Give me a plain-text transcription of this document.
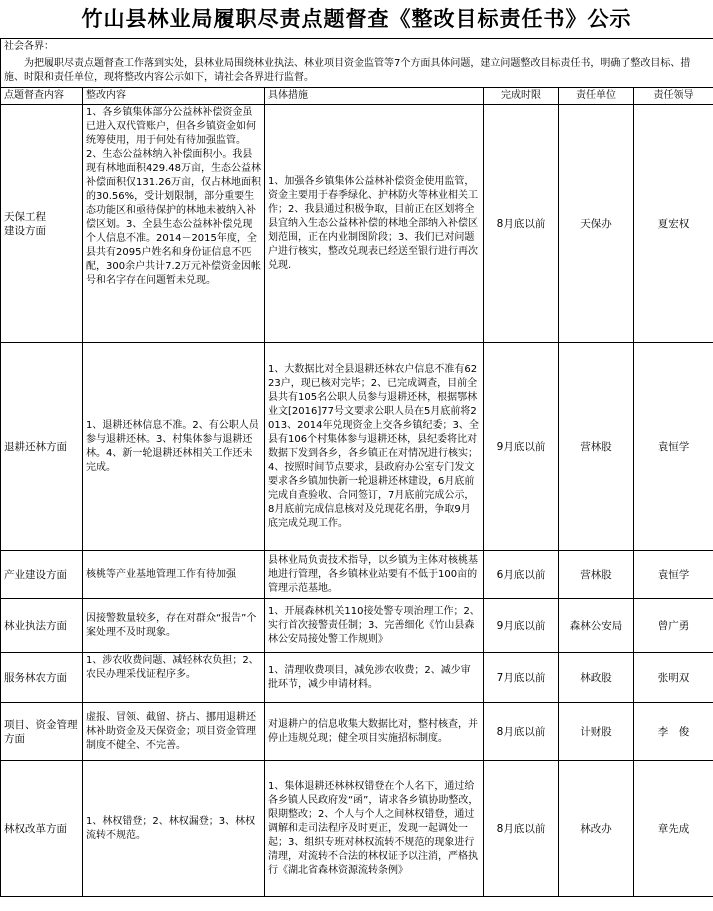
竹山县林业局履职尽责点题督查《整改目标责任书》公示
社会各界：					
为把履职尽责点题督查工作落到实处，县林业局围绕林业执法、林业项目资金监管等7个方面具体问题，建立问题整改目标责任书，明确了整改目标、措施、时限和责任单位，现将整改内容公示如下，请社会各界进行监督。					
点题督查内容	整改内容	具体措施	完成时限	责任单位	责任领导
天保工程
建设方面	1、各乡镇集体部分公益林补偿资金虽已进入双代管账户，但各乡镇资金如何统筹使用，用于何处有待加强监管。2、生态公益林纳入补偿面积小。我县现有林地面积429.48万亩，生态公益林补偿面积仅131.26万亩，仅占林地面积的30.56%，受计划限制，部分重要生态功能区和亟待保护的林地未被纳入补偿区划。3、全县生态公益林补偿兑现个人信息不准。2014－2015年度，全县共有2095户姓名和身份证信息不匹配，300余户共计7.2万元补偿资金因帐号和名字存在问题暂未兑现。	1、加强各乡镇集体公益林补偿资金使用监管，资金主要用于春季绿化、护林防火等林业相关工作；2、我县通过积极争取，目前正在区划将全县宜纳入生态公益林补偿的林地全部纳入补偿区划范围，正在内业制图阶段；3、我们已对问题户进行核实，整改兑现表已经送至银行进行再次兑现.	8月底以前	天保办	夏宏权
退耕还林方面	1、退耕还林信息不准。2、有公职人员参与退耕还林。3、村集体参与退耕还林。4、新一轮退耕还林相关工作还未完成。	1、大数据比对全县退耕还林农户信息不准有6223户，现已核对完毕；2、已完成调查，目前全县共有105名公职人员参与退耕还林，根据鄂林业文[2016]77号文要求公职人员在5月底前将2013、2014年兑现资金上交各乡镇纪委；3、全县有106个村集体参与退耕还林，县纪委将比对数据下发到各乡，各乡镇正在对情况进行核实；4、按照时间节点要求，县政府办公室专门发文要求各乡镇加快新一轮退耕还林建设，6月底前完成自查验收、合同签订，7月底前完成公示，8月底前完成信息核对及兑现花名册，争取9月底完成兑现工作。	9月底以前	营林股	袁恒学
产业建设方面	核桃等产业基地管理工作有待加强	县林业局负责技术指导，以乡镇为主体对核桃基地进行管理，各乡镇林业站要有不低于100亩的管理示范基地。	6月底以前	营林股	袁恒学
林业执法方面	因接警数量较多，存在对群众“报告”个案处理不及时现象。	1、开展森林机关110接处警专项治理工作；2、实行首次接警责任制；3、完善细化《竹山县森林公安局接处警工作规则》	9月底以前	森林公安局	曾广勇
服务林农方面	1、涉农收费问题、减轻林农负担；2、农民办理采伐证程序多。	1、清理收费项目，减免涉农收费；2、减少审批环节，减少申请材料。	7月底以前	林政股	张明双
项目、资金管理方面	虚报、冒领、截留、挤占、挪用退耕还林补助资金及天保资金；项目资金管理制度不健全、不完善。	对退耕户的信息收集大数据比对，整村核查，并停止违规兑现；健全项目实施招标制度。	8月底以前	计财股	李　俊
林权改革方面	1、林权错登；2、林权漏登；3、林权流转不规范。	1、集体退耕还林林权错登在个人名下，通过给各乡镇人民政府发“函”，请求各乡镇协助整改，限期整改；2、个人与个人之间林权错登，通过调解和走司法程序及时更正，发现一起调处一起；3、组织专班对林权流转不规范的现象进行清理，对流转不合法的林权证予以注消，严格执行《湖北省森林资源流转条例》	8月底以前	林改办	章先成
